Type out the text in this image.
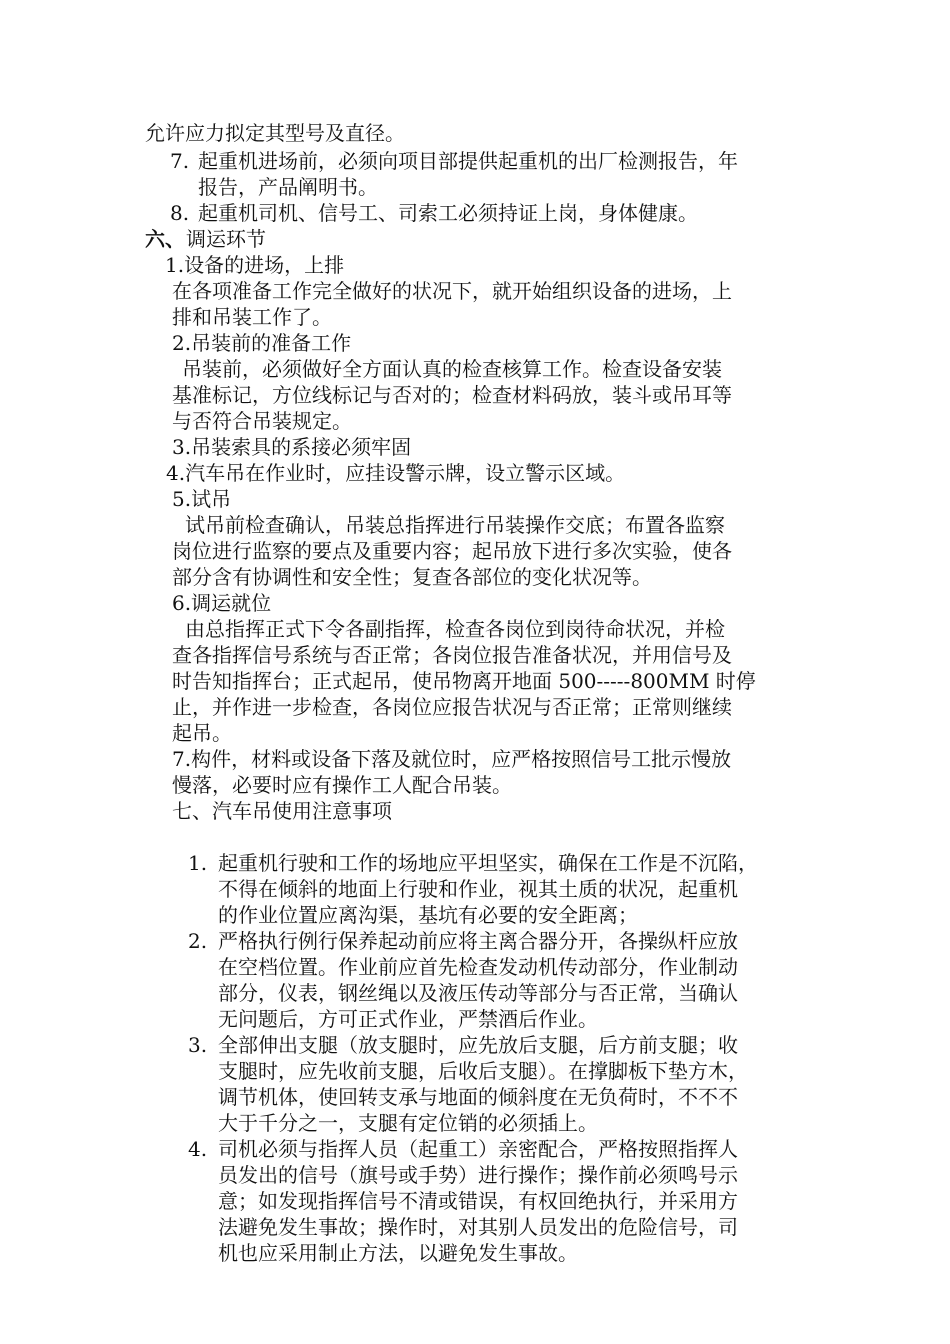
允许应力拟定其型号及直径。
7. 起重机进场前，必须向项目部提供起重机的出厂检测报告，年
报告，产品阐明书。
8. 起重机司机、信号工、司索工必须持证上岗，身体健康。
六、 调运环节
1.设备的进场，上排
在各项准备工作完全做好的状况下，就开始组织设备的进场，上
排和吊装工作了。
2.吊装前的准备工作
吊装前，必须做好全方面认真的检查核算工作。检查设备安装
基准标记，方位线标记与否对的；检查材料码放，装斗或吊耳等
与否符合吊装规定。
3.吊装索具的系接必须牢固
4.汽车吊在作业时，应挂设警示牌，设立警示区域。
5.试吊
试吊前检查确认，吊装总指挥进行吊装操作交底；布置各监察
岗位进行监察的要点及重要内容；起吊放下进行多次实验，使各
部分含有协调性和安全性；复查各部位的变化状况等。
6.调运就位
由总指挥正式下令各副指挥，检查各岗位到岗待命状况，并检
查各指挥信号系统与否正常；各岗位报告准备状况，并用信号及
时告知指挥台；正式起吊，使吊物离开地面 500-----800MM 时停
止，并作进一步检查，各岗位应报告状况与否正常；正常则继续
起吊。
7.构件，材料或设备下落及就位时，应严格按照信号工批示慢放
慢落，必要时应有操作工人配合吊装。
七、汽车吊使用注意事项
1. 起重机行驶和工作的场地应平坦坚实，确保在工作是不沉陷，
不得在倾斜的地面上行驶和作业，视其土质的状况，起重机
的作业位置应离沟渠，基坑有必要的安全距离；
2. 严格执行例行保养起动前应将主离合器分开，各操纵杆应放
在空档位置。作业前应首先检查发动机传动部分，作业制动
部分，仪表，钢丝绳以及液压传动等部分与否正常，当确认
无问题后，方可正式作业，严禁酒后作业。
3. 全部伸出支腿（放支腿时，应先放后支腿，后方前支腿；收
支腿时，应先收前支腿，后收后支腿）。在撑脚板下垫方木，
调节机体，使回转支承与地面的倾斜度在无负荷时，不不不
大于千分之一，支腿有定位销的必须插上。
4. 司机必须与指挥人员（起重工）亲密配合，严格按照指挥人
员发出的信号（旗号或手势）进行操作；操作前必须鸣号示
意；如发现指挥信号不清或错误，有权回绝执行，并采用方
法避免发生事故；操作时，对其别人员发出的危险信号，司
机也应采用制止方法，以避免发生事故。
